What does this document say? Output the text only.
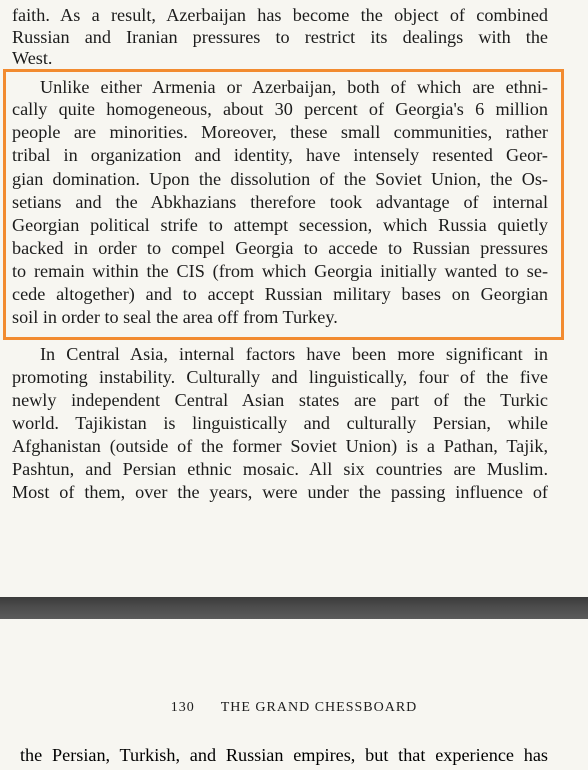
faith. As a result, Azerbaijan has become the object of combined
Russian and Iranian pressures to restrict its dealings with the
West.
Unlike either Armenia or Azerbaijan, both of which are ethni-
cally quite homogeneous, about 30 percent of Georgia's 6 million
people are minorities. Moreover, these small communities, rather
tribal in organization and identity, have intensely resented Geor-
gian domination. Upon the dissolution of the Soviet Union, the Os-
setians and the Abkhazians therefore took advantage of internal
Georgian political strife to attempt secession, which Russia quietly
backed in order to compel Georgia to accede to Russian pressures
to remain within the CIS (from which Georgia initially wanted to se-
cede altogether) and to accept Russian military bases on Georgian
soil in order to seal the area off from Turkey.
In Central Asia, internal factors have been more significant in
promoting instability. Culturally and linguistically, four of the five
newly independent Central Asian states are part of the Turkic
world. Tajikistan is linguistically and culturally Persian, while
Afghanistan (outside of the former Soviet Union) is a Pathan, Tajik,
Pashtun, and Persian ethnic mosaic. All six countries are Muslim.
Most of them, over the years, were under the passing influence of
130 THE GRAND CHESSBOARD
the Persian, Turkish, and Russian empires, but that experience has
